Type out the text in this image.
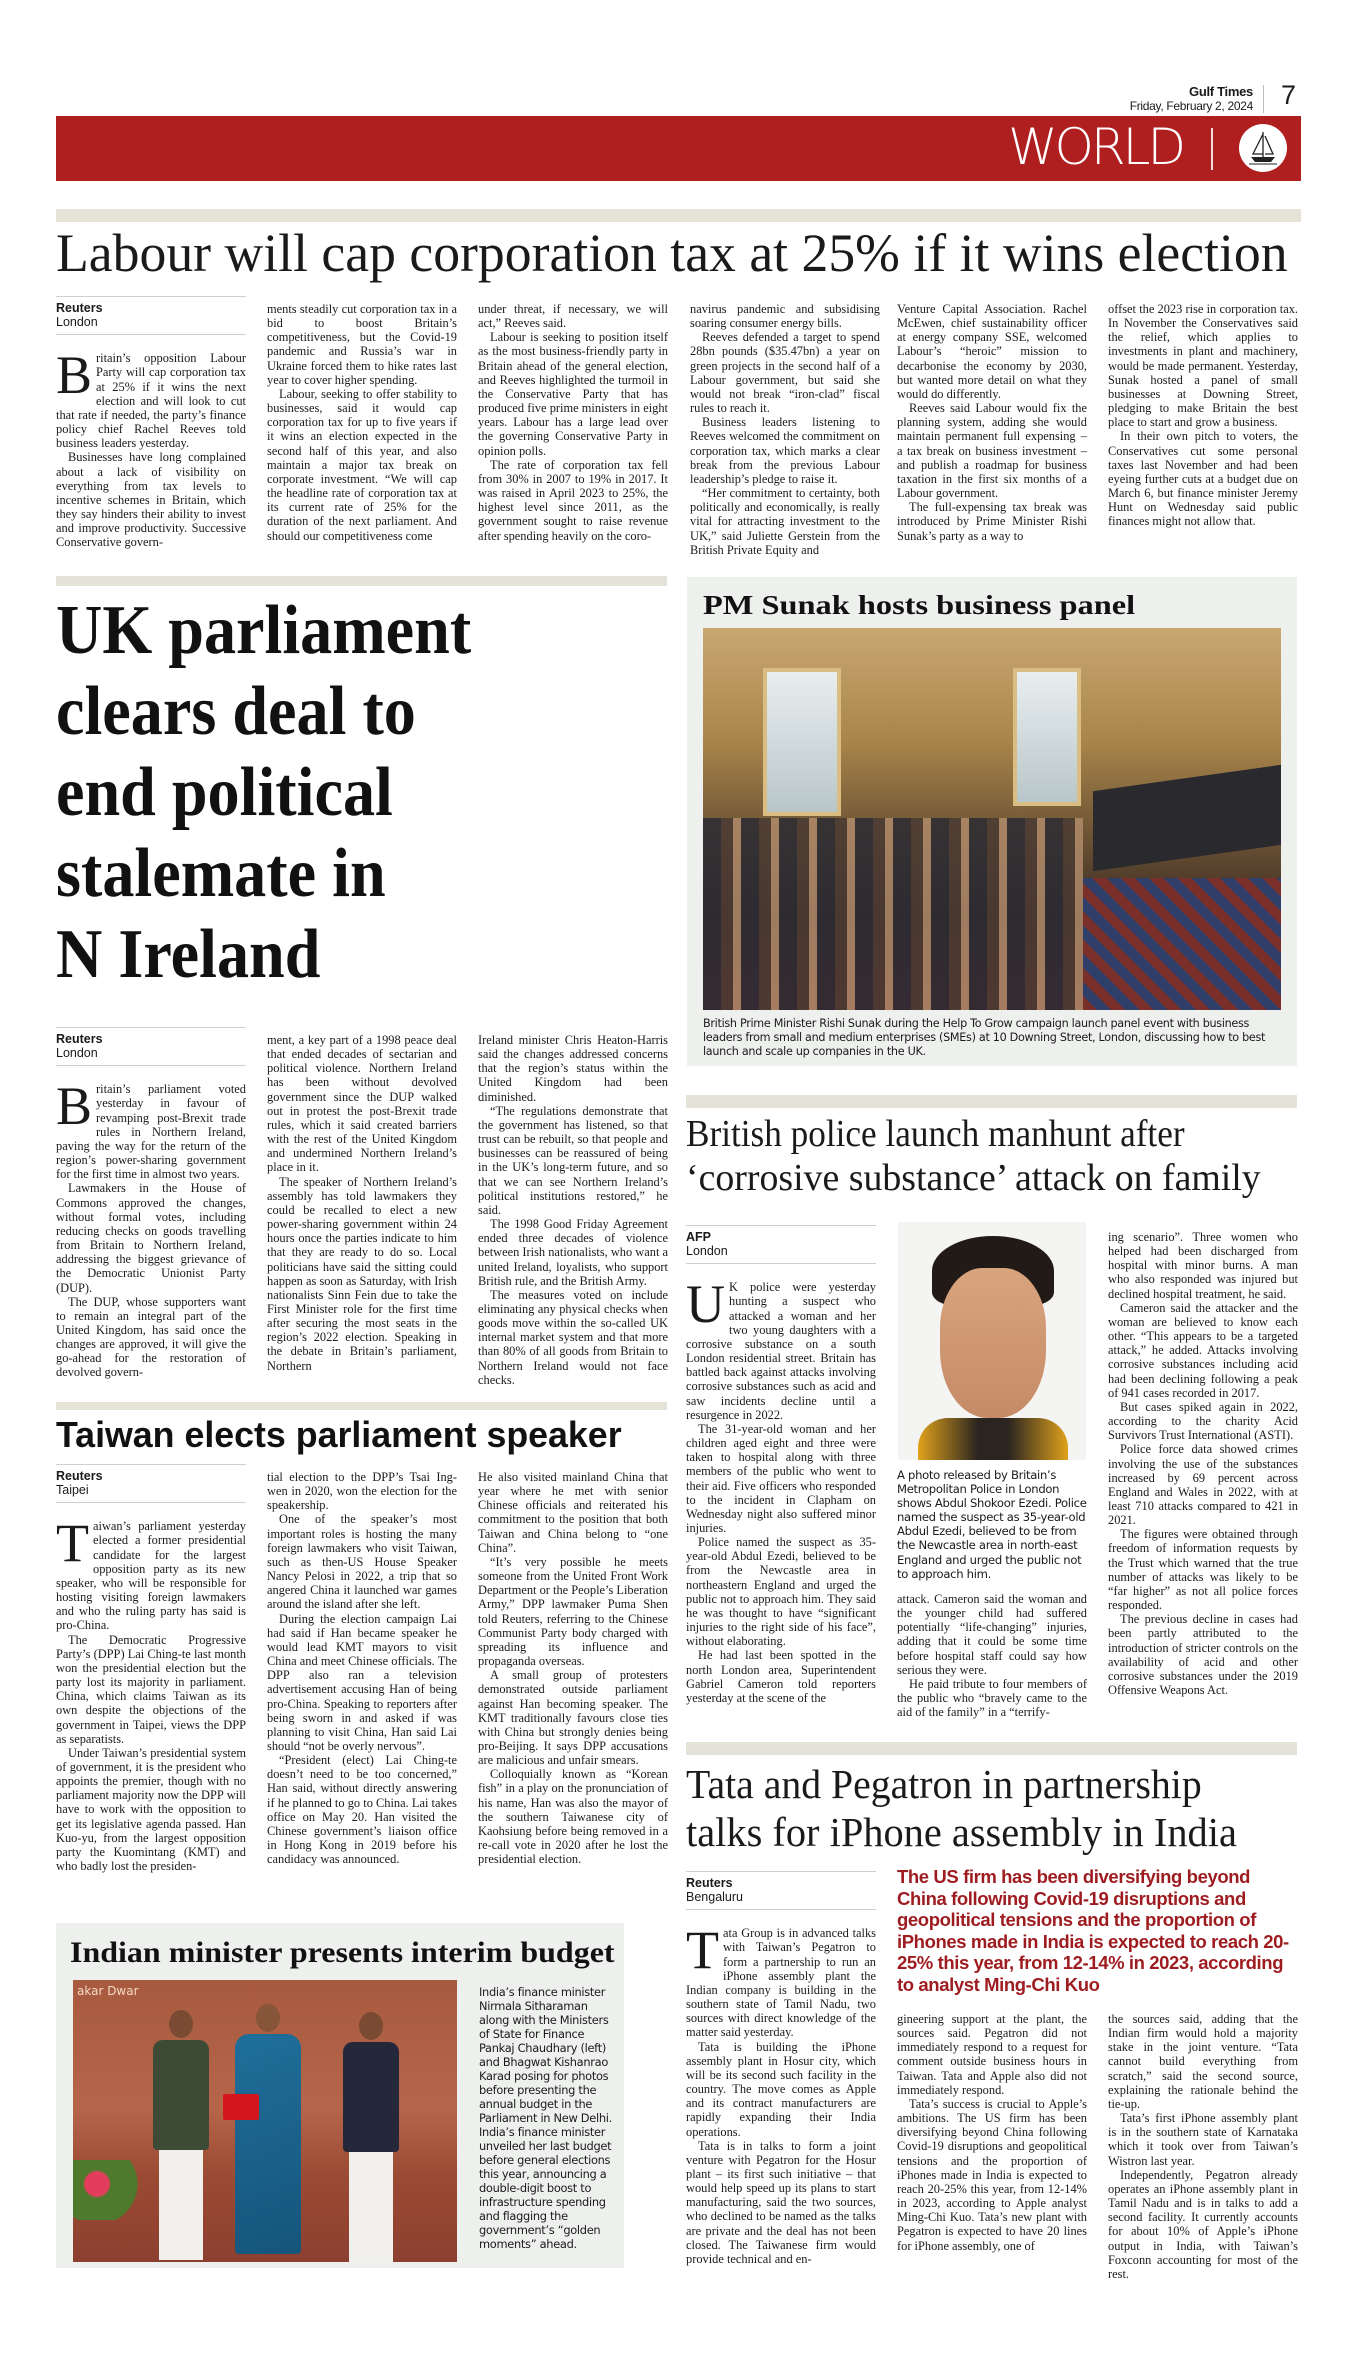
Gulf Times
Friday, February 2, 2024 7
WORLD
Labour will cap corporation tax at 25% if it wins election
Reuters
London

Britain’s opposition Labour Party will cap corporation tax at 25% if it wins the next election and will look to cut that rate if needed, the party’s finance policy chief Rachel Reeves told business leaders yesterday.

Businesses have long complained about a lack of visibility on everything from tax levels to incentive schemes in Britain, which they say hinders their ability to invest and improve productivity. Successive Conservative govern-

ments steadily cut corporation tax in a bid to boost Britain’s competitiveness, but the Covid-19 pandemic and Russia’s war in Ukraine forced them to hike rates last year to cover higher spending.

Labour, seeking to offer stability to businesses, said it would cap corporation tax for up to five years if it wins an election expected in the second half of this year, and also maintain a major tax break on corporate investment. “We will cap the headline rate of corporation tax at its current rate of 25% for the duration of the next parliament. And should our competitiveness come

under threat, if necessary, we will act,” Reeves said.

Labour is seeking to position itself as the most business-friendly party in Britain ahead of the general election, and Reeves highlighted the turmoil in the Conservative Party that has produced five prime ministers in eight years. Labour has a large lead over the governing Conservative Party in opinion polls.

The rate of corporation tax fell from 30% in 2007 to 19% in 2017. It was raised in April 2023 to 25%, the highest level since 2011, as the government sought to raise revenue after spending heavily on the coro-

navirus pandemic and subsidising soaring consumer energy bills.

Reeves defended a target to spend 28bn pounds ($35.47bn) a year on green projects in the second half of a Labour government, but said she would not break “iron-clad” fiscal rules to reach it.

Business leaders listening to Reeves welcomed the commitment on corporation tax, which marks a clear break from the previous Labour leadership’s pledge to raise it.

“Her commitment to certainty, both politically and economically, is really vital for attracting investment to the UK,” said Juliette Gerstein from the British Private Equity and

Venture Capital Association. Rachel McEwen, chief sustainability officer at energy company SSE, welcomed Labour’s “heroic” mission to decarbonise the economy by 2030, but wanted more detail on what they would do differently.

Reeves said Labour would fix the planning system, adding she would maintain permanent full expensing – a tax break on business investment – and publish a roadmap for business taxation in the first six months of a Labour government.

The full-expensing tax break was introduced by Prime Minister Rishi Sunak’s party as a way to

offset the 2023 rise in corporation tax. In November the Conservatives said the relief, which applies to investments in plant and machinery, would be made permanent. Yesterday, Sunak hosted a panel of small businesses at Downing Street, pledging to make Britain the best place to start and grow a business.

In their own pitch to voters, the Conservatives cut some personal taxes last November and had been eyeing further cuts at a budget due on March 6, but finance minister Jeremy Hunt on Wednesday said public finances might not allow that.

UK parliament
clears deal to
end political
stalemate in
N Ireland
Reuters
London

Britain’s parliament voted yesterday in favour of revamping post-Brexit trade rules in Northern Ireland, paving the way for the return of the region’s power-sharing government for the first time in almost two years.

Lawmakers in the House of Commons approved the changes, without formal votes, including reducing checks on goods travelling from Britain to Northern Ireland, addressing the biggest grievance of the Democratic Unionist Party (DUP).

The DUP, whose supporters want to remain an integral part of the United Kingdom, has said once the changes are approved, it will give the go-ahead for the restoration of devolved govern-

ment, a key part of a 1998 peace deal that ended decades of sectarian and political violence. Northern Ireland has been without devolved government since the DUP walked out in protest the post-Brexit trade rules, which it said created barriers with the rest of the United Kingdom and undermined Northern Ireland’s place in it.

The speaker of Northern Ireland’s assembly has told lawmakers they could be recalled to elect a new power-sharing government within 24 hours once the parties indicate to him that they are ready to do so. Local politicians have said the sitting could happen as soon as Saturday, with Irish nationalists Sinn Fein due to take the First Minister role for the first time after securing the most seats in the region’s 2022 election. Speaking in the debate in Britain’s parliament, Northern

Ireland minister Chris Heaton-Harris said the changes addressed concerns that the region’s status within the United Kingdom had been diminished.

“The regulations demonstrate that the government has listened, so that trust can be rebuilt, so that people and businesses can be reassured of being in the UK’s long-term future, and so that we can see Northern Ireland’s political institutions restored,” he said.

The 1998 Good Friday Agreement ended three decades of violence between Irish nationalists, who want a united Ireland, loyalists, who support British rule, and the British Army.

The measures voted on include eliminating any physical checks when goods move within the so-called UK internal market system and that more than 80% of all goods from Britain to Northern Ireland would not face checks.

Taiwan elects parliament speaker
Reuters
Taipei

Taiwan’s parliament yesterday elected a former presidential candidate for the largest opposition party as its new speaker, who will be responsible for hosting visiting foreign lawmakers and who the ruling party has said is pro-China.

The Democratic Progressive Party’s (DPP) Lai Ching-te last month won the presidential election but the party lost its majority in parliament. China, which claims Taiwan as its own despite the objections of the government in Taipei, views the DPP as separatists.

Under Taiwan’s presidential system of government, it is the president who appoints the premier, though with no parliament majority now the DPP will have to work with the opposition to get its legislative agenda passed. Han Kuo-yu, from the largest opposition party the Kuomintang (KMT) and who badly lost the presiden-

tial election to the DPP’s Tsai Ing-wen in 2020, won the election for the speakership.

One of the speaker’s most important roles is hosting the many foreign lawmakers who visit Taiwan, such as then-US House Speaker Nancy Pelosi in 2022, a trip that so angered China it launched war games around the island after she left.

During the election campaign Lai had said if Han became speaker he would lead KMT mayors to visit China and meet Chinese officials. The DPP also ran a television advertisement accusing Han of being pro-China. Speaking to reporters after being sworn in and asked if was planning to visit China, Han said Lai should “not be overly nervous”.

“President (elect) Lai Ching-te doesn’t need to be too concerned,” Han said, without directly answering if he planned to go to China. Lai takes office on May 20. Han visited the Chinese government’s liaison office in Hong Kong in 2019 before his candidacy was announced.

He also visited mainland China that year where he met with senior Chinese officials and reiterated his commitment to the position that both Taiwan and China belong to “one China”.

“It’s very possible he meets someone from the United Front Work Department or the People’s Liberation Army,” DPP lawmaker Puma Shen told Reuters, referring to the Chinese Communist Party body charged with spreading its influence and propaganda overseas.

A small group of protesters demonstrated outside parliament against Han becoming speaker. The KMT traditionally favours close ties with China but strongly denies being pro-Beijing. It says DPP accusations are malicious and unfair smears.

Colloquially known as “Korean fish” in a play on the pronunciation of his name, Han was also the mayor of the southern Taiwanese city of Kaohsiung before being removed in a re-call vote in 2020 after he lost the presidential election.

Indian minister presents interim budget
akar Dwar	India’s finance minister Nirmala Sitharaman along with the Ministers of State for Finance Pankaj Chaudhary (left) and Bhagwat Kishanrao Karad posing for photos before presenting the annual budget in the Parliament in New Delhi. India’s finance minister unveiled her last budget before general elections this year, announcing a double-digit boost to infrastructure spending and flagging the government’s “golden moments” ahead.
PM Sunak hosts business panel
British Prime Minister Rishi Sunak during the Help To Grow campaign launch panel event with business leaders from small and medium enterprises (SMEs) at 10 Downing Street, London, discussing how to best launch and scale up companies in the UK.
British police launch manhunt after
‘corrosive substance’ attack on family
AFP
London

U K police were yesterday hunting a suspect who attacked a woman and her two young daughters with a corrosive substance on a south London residential street. Britain has battled back against attacks involving corrosive substances such as acid and saw incidents decline until a resurgence in 2022.

The 31-year-old woman and her children aged eight and three were taken to hospital along with three members of the public who went to their aid. Five officers who responded to the incident in Clapham on Wednesday night also suffered minor injuries.

Police named the suspect as 35-year-old Abdul Ezedi, believed to be from the Newcastle area in northeastern England and urged the public not to approach him. They said he was thought to have “significant injuries to the right side of his face”, without elaborating.

He had last been spotted in the north London area, Superintendent Gabriel Cameron told reporters yesterday at the scene of the

A photo released by Britain’s Metropolitan Police in London shows Abdul Shokoor Ezedi. Police named the suspect as 35-year-old Abdul Ezedi, believed to be from the Newcastle area in north-east England and urged the public not to approach him.

attack. Cameron said the woman and the younger child had suffered potentially “life-changing” injuries, adding that it could be some time before hospital staff could say how serious they were.

He paid tribute to four members of the public who “bravely came to the aid of the family” in a “terrify-

ing scenario”. Three women who helped had been discharged from hospital with minor burns. A man who also responded was injured but declined hospital treatment, he said.

Cameron said the attacker and the woman are believed to know each other. “This appears to be a targeted attack,” he added. Attacks involving corrosive substances including acid had been declining following a peak of 941 cases recorded in 2017.

But cases spiked again in 2022, according to the charity Acid Survivors Trust International (ASTI).

Police force data showed crimes involving the use of the substances increased by 69 percent across England and Wales in 2022, with at least 710 attacks compared to 421 in 2021.

The figures were obtained through freedom of information requests by the Trust which warned that the true number of attacks was likely to be “far higher” as not all police forces responded.

The previous decline in cases had been partly attributed to the introduction of stricter controls on the availability of acid and other corrosive substances under the 2019 Offensive Weapons Act.

Tata and Pegatron in partnership
talks for iPhone assembly in India
Reuters
Bengaluru

Tata Group is in advanced talks with Taiwan’s Pegatron to form a partnership to run an iPhone assembly plant the Indian company is building in the southern state of Tamil Nadu, two sources with direct knowledge of the matter said yesterday.

Tata is building the iPhone assembly plant in Hosur city, which will be its second such facility in the country. The move comes as Apple and its contract manufacturers are rapidly expanding their India operations.

Tata is in talks to form a joint venture with Pegatron for the Hosur plant – its first such initiative – that would help speed up its plans to start manufacturing, said the two sources, who declined to be named as the talks are private and the deal has not been closed. The Taiwanese firm would provide technical and en-

The US firm has been diversifying beyond China following Covid-19 disruptions and geopolitical tensions and the proportion of iPhones made in India is expected to reach 20-25% this year, from 12-14% in 2023, according to analyst Ming-Chi Kuo

gineering support at the plant, the sources said. Pegatron did not immediately respond to a request for comment outside business hours in Taiwan. Tata and Apple also did not immediately respond.

Tata’s success is crucial to Apple’s ambitions. The US firm has been diversifying beyond China following Covid-19 disruptions and geopolitical tensions and the proportion of iPhones made in India is expected to reach 20-25% this year, from 12-14% in 2023, according to Apple analyst Ming-Chi Kuo. Tata’s new plant with Pegatron is expected to have 20 lines for iPhone assembly, one of

the sources said, adding that the Indian firm would hold a majority stake in the joint venture. “Tata cannot build everything from scratch,” said the second source, explaining the rationale behind the tie-up.

Tata’s first iPhone assembly plant is in the southern state of Karnataka which it took over from Taiwan’s Wistron last year.

Independently, Pegatron already operates an iPhone assembly plant in Tamil Nadu and is in talks to add a second facility. It currently accounts for about 10% of Apple’s iPhone output in India, with Taiwan’s Foxconn accounting for most of the rest.
